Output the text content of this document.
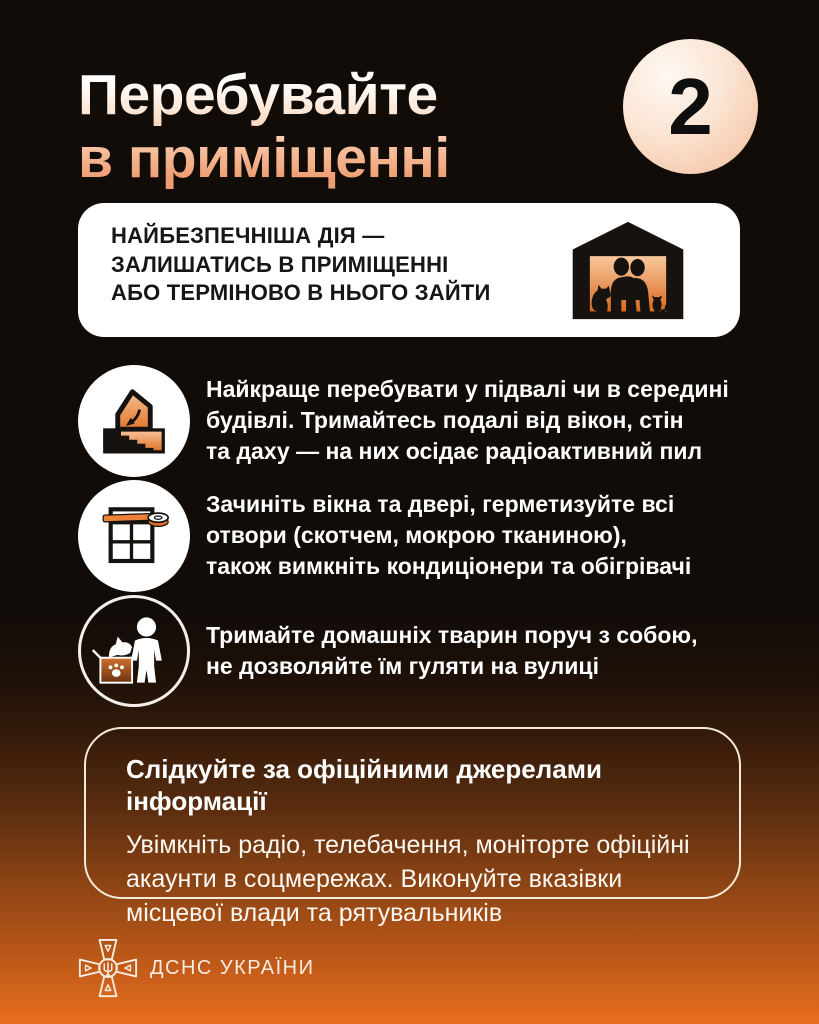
Перебувайте
в приміщенні
2
НАЙБЕЗПЕЧНІША ДІЯ —
ЗАЛИШАТИСЬ В ПРИМІЩЕННІ
АБО ТЕРМІНОВО В НЬОГО ЗАЙТИ
Найкраще перебувати у підвалі чи в середині
будівлі. Тримайтесь подалі від вікон, стін
та даху — на них осідає радіоактивний пил
Зачиніть вікна та двері, герметизуйте всі
отвори (скотчем, мокрою тканиною),
також вимкніть кондиціонери та обігрівачі
Тримайте домашніх тварин поруч з собою,
не дозволяйте їм гуляти на вулиці
Слідкуйте за офіційними джерелами інформації
Увімкніть радіо, телебачення, моніторте офіційні
акаунти в соцмережах. Виконуйте вказівки
місцевої влади та рятувальників
ДСНС УКРАЇНИ
